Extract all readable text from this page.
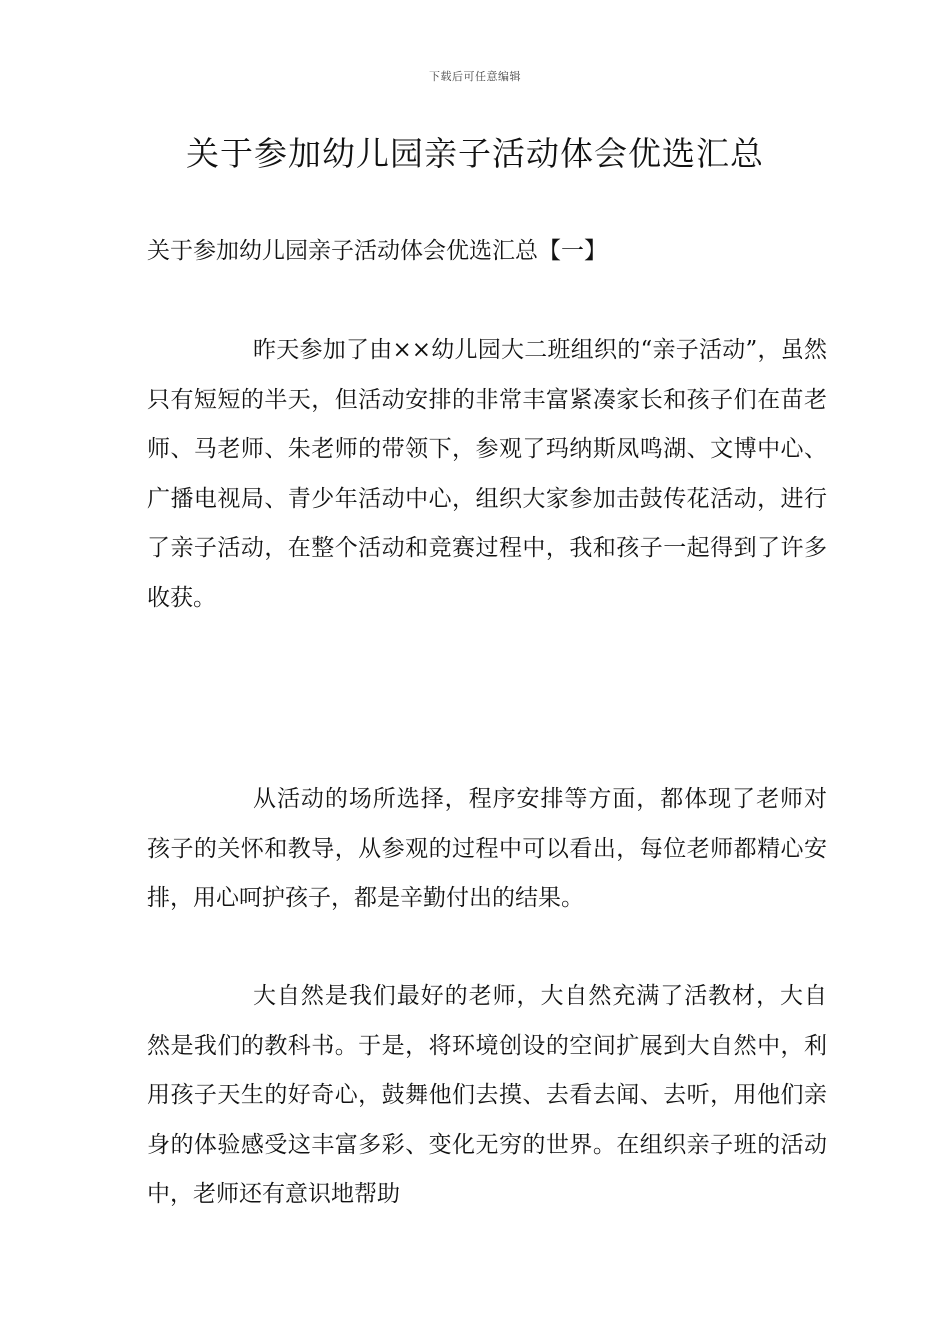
下载后可任意编辑
关于参加幼儿园亲子活动体会优选汇总
关于参加幼儿园亲子活动体会优选汇总【一】

昨天参加了由××幼儿园大二班组织的“亲子活动”，虽然只有短短的半天，但活动安排的非常丰富紧凑家长和孩子们在苗老师、马老师、朱老师的带领下，参观了玛纳斯凤鸣湖、文博中心、广播电视局、青少年活动中心，组织大家参加击鼓传花活动，进行了亲子活动，在整个活动和竞赛过程中，我和孩子一起得到了许多收获。

从活动的场所选择，程序安排等方面，都体现了老师对孩子的关怀和教导，从参观的过程中可以看出，每位老师都精心安排，用心呵护孩子，都是辛勤付出的结果。

大自然是我们最好的老师，大自然充满了活教材，大自然是我们的教科书。于是，将环境创设的空间扩展到大自然中，利用孩子天生的好奇心，鼓舞他们去摸、去看去闻、去听，用他们亲身的体验感受这丰富多彩、变化无穷的世界。在组织亲子班的活动中，老师还有意识地帮助
